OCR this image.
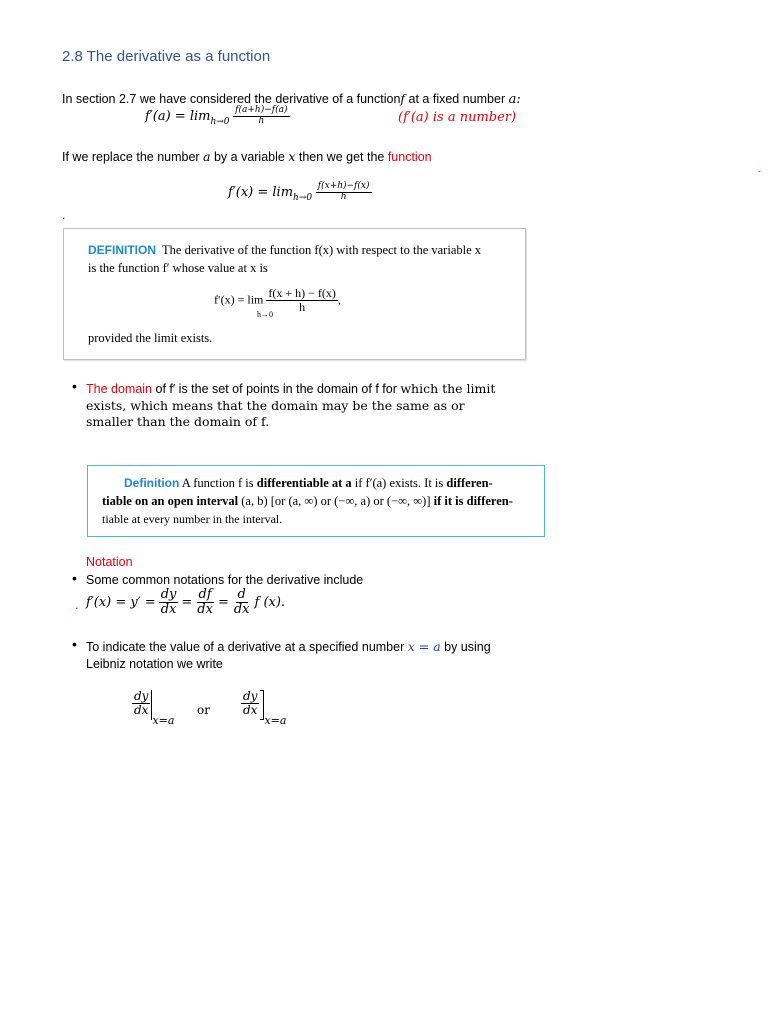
2.8 The derivative as a function
In section 2.7 we have considered the derivative of a functionf at a fixed number a:
$f'(a) = \lim_{h\to 0} \frac{f(a+h)-f(a)}{h}$	(f′(a) is a number)
If we replace the number a by a variable x then we get the function
$f'(x) = \lim_{h\to 0} \frac{f(x+h)-f(x)}{h}$
.
DEFINITION The derivative of the function f(x) with respect to the variable x
is the function f′ whose value at x is
$f'(x) = \lim \frac{f(x + h) - f(x)}{h}$ ,
h→0
provided the limit exists.
• The domain of f′ is the set of points in the domain of f for which the limit
exists, which means that the domain may be the same as or
smaller than the domain of f.
Definition A function f is differentiable at a if f′(a) exists. It is differen-
tiable on an open interval (a, b) [or (a, ∞) or (−∞, a) or (−∞, ∞)] if it is differen-
tiable at every number in the interval.
Notation
• Some common notations for the derivative include
. $f'(x) = y' = \frac{dy}{dx} = \frac{df}{dx} = \frac{d}{dx}$ f (x).
• To indicate the value of a derivative at a specified number x = a by using
Leibniz notation we write
$\frac{dy}{dx}$
x=a
or	$\frac{dy}{dx}$
x=a
-
